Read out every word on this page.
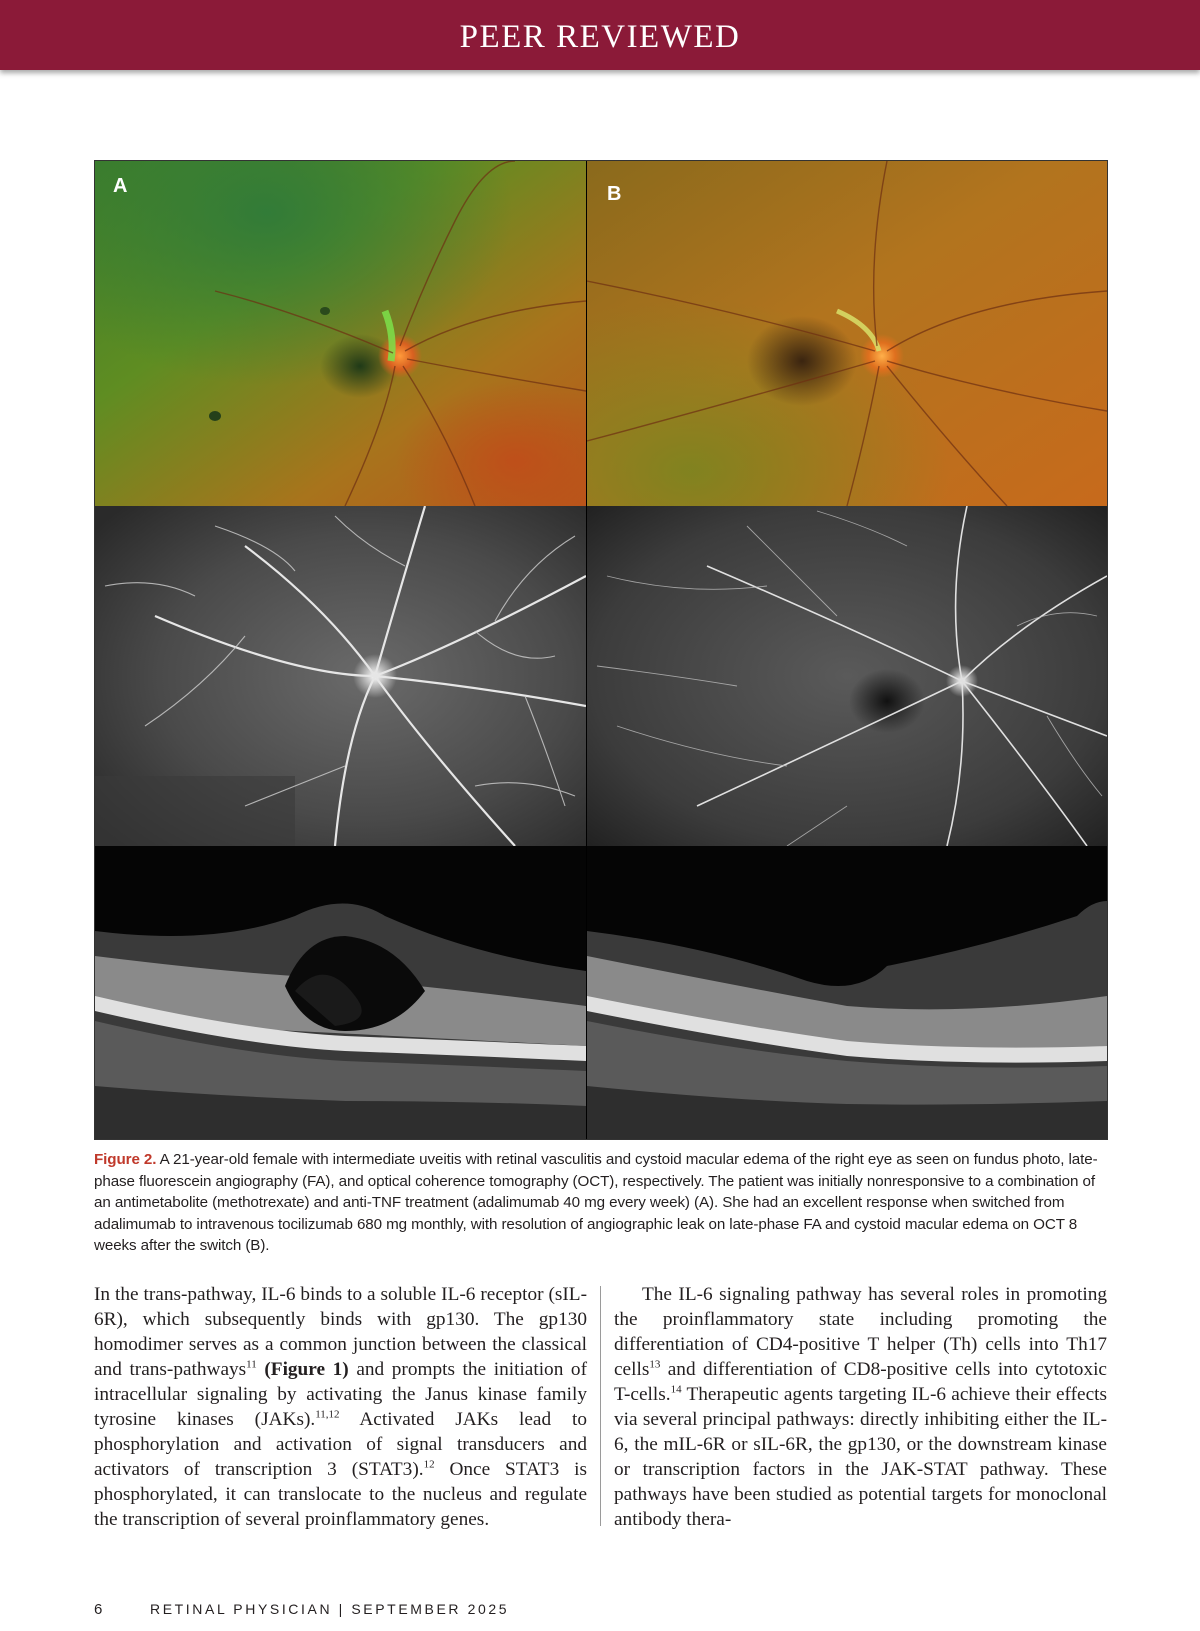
PEER REVIEWED
A	B
Figure 2. A 21-year-old female with intermediate uveitis with retinal vasculitis and cystoid macular edema of the right eye as seen on fundus photo, late-phase fluorescein angiography (FA), and optical coherence tomography (OCT), respectively. The patient was initially nonresponsive to a combination of an antimetabolite (methotrexate) and anti-TNF treatment (adalimumab 40 mg every week) (A). She had an excellent response when switched from adalimumab to intravenous tocilizumab 680 mg monthly, with resolution of angiographic leak on late-phase FA and cystoid macular edema on OCT 8 weeks after the switch (B).

In the trans-pathway, IL-6 binds to a soluble IL-6 receptor (sIL-6R), which subsequently binds with gp130. The gp130 homodimer serves as a common junction between the classical and trans-pathways$^{11}$ (Figure 1) and prompts the initiation of intracellular signaling by activating the Janus kinase family tyrosine kinases (JAKs).$^{11,12}$ Activated JAKs lead to phosphorylation and activation of signal transducers and activators of transcription 3 (STAT3).$^{12}$ Once STAT3 is phosphorylated, it can translocate to the nucleus and regulate the transcription of several proinflammatory genes.

The IL-6 signaling pathway has several roles in promoting the proinflammatory state including promoting the differentiation of CD4-positive T helper (Th) cells into Th17 cells$^{13}$ and differentiation of CD8-positive cells into cytotoxic T-cells.$^{14}$ Therapeutic agents targeting IL-6 achieve their effects via several principal pathways: directly inhibiting either the IL-6, the mIL-6R or sIL-6R, the gp130, or the downstream kinase or transcription factors in the JAK-STAT pathway. These pathways have been studied as potential targets for monoclonal antibody thera-

6	RETINAL PHYSICIAN | SEPTEMBER 2025
